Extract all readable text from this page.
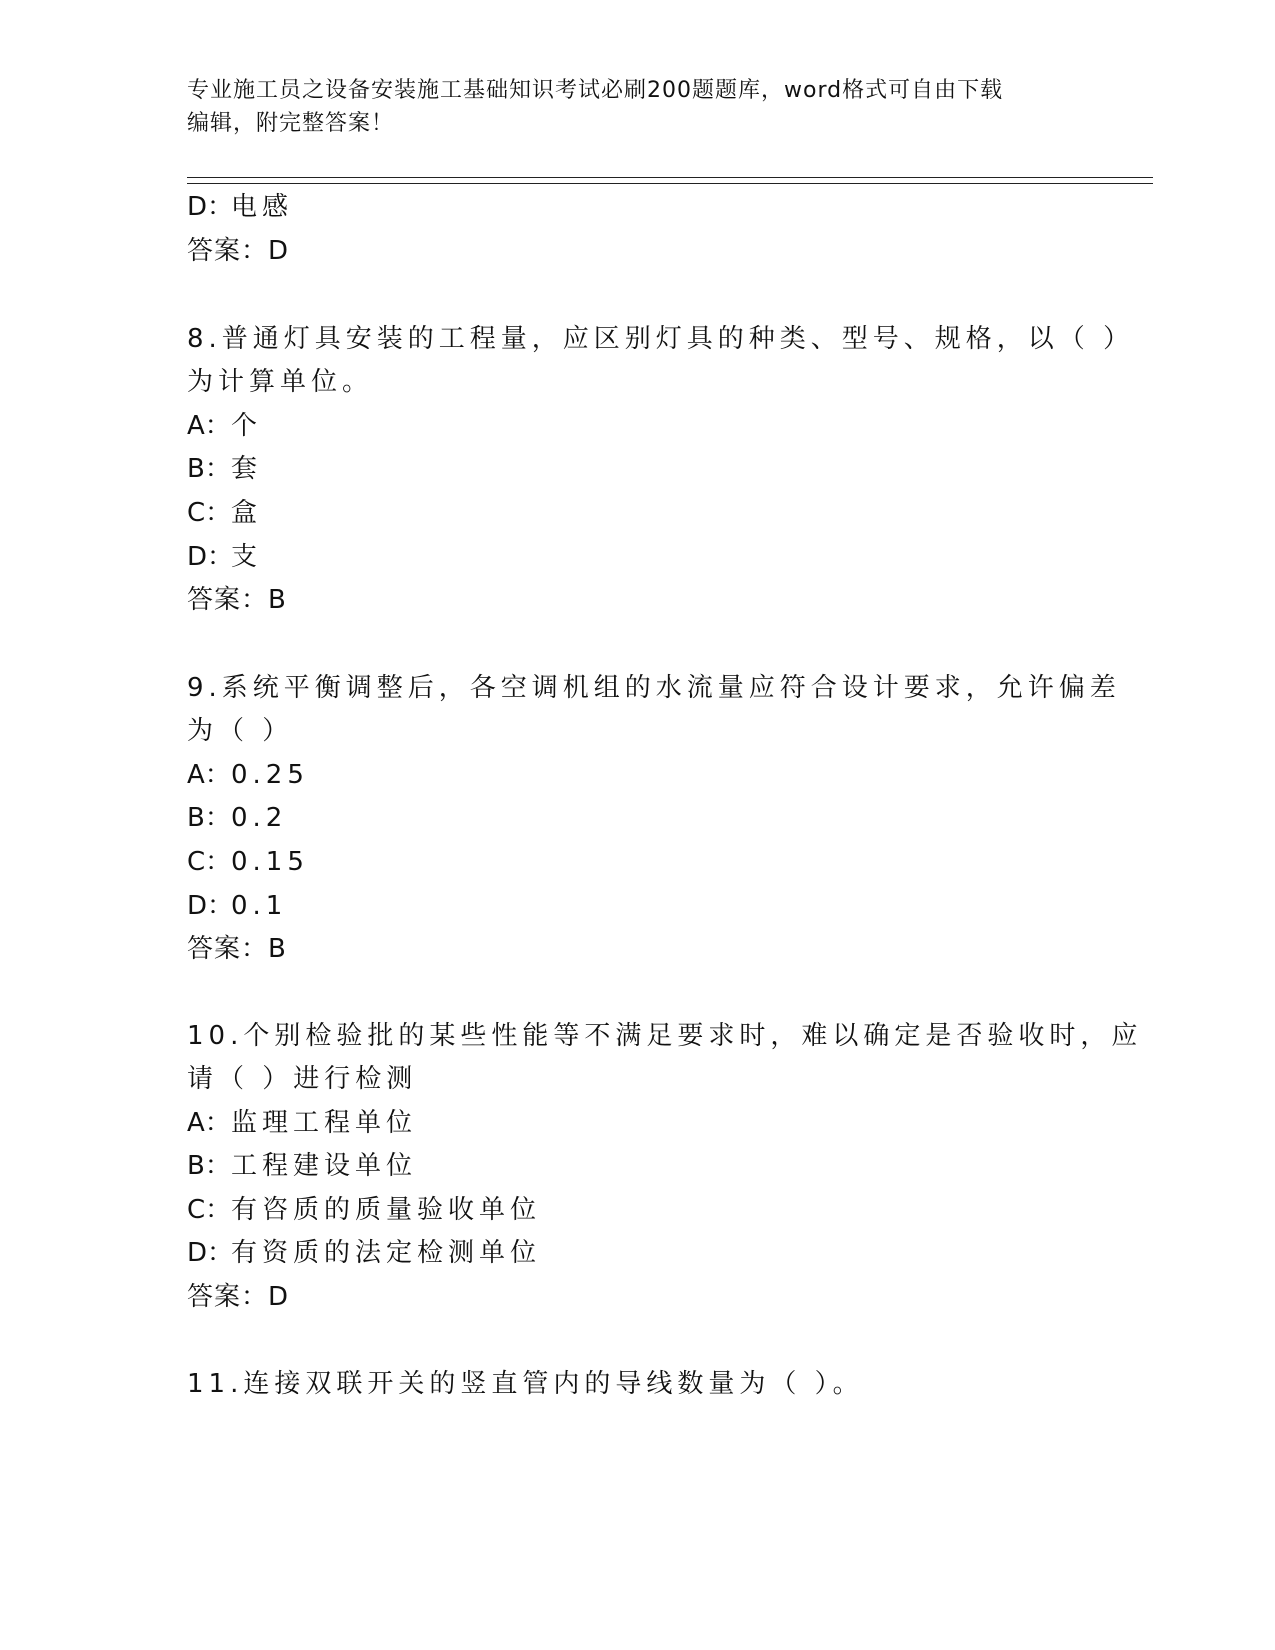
专业施工员之设备安装施工基础知识考试必刷200题题库，word格式可自由下载
编辑，附完整答案！
D：电感
答案：D
8.普通灯具安装的工程量，应区别灯具的种类、型号、规格，以（ ）
为计算单位。
A：个
B：套
C：盒
D：支
答案：B
9.系统平衡调整后，各空调机组的水流量应符合设计要求，允许偏差
为（ ）
A：0.25
B：0.2
C：0.15
D：0.1
答案：B
10.个别检验批的某些性能等不满足要求时，难以确定是否验收时，应
请（ ）进行检测
A：监理工程单位
B：工程建设单位
C：有咨质的质量验收单位
D：有资质的法定检测单位
答案：D
11.连接双联开关的竖直管内的导线数量为（ ）。
